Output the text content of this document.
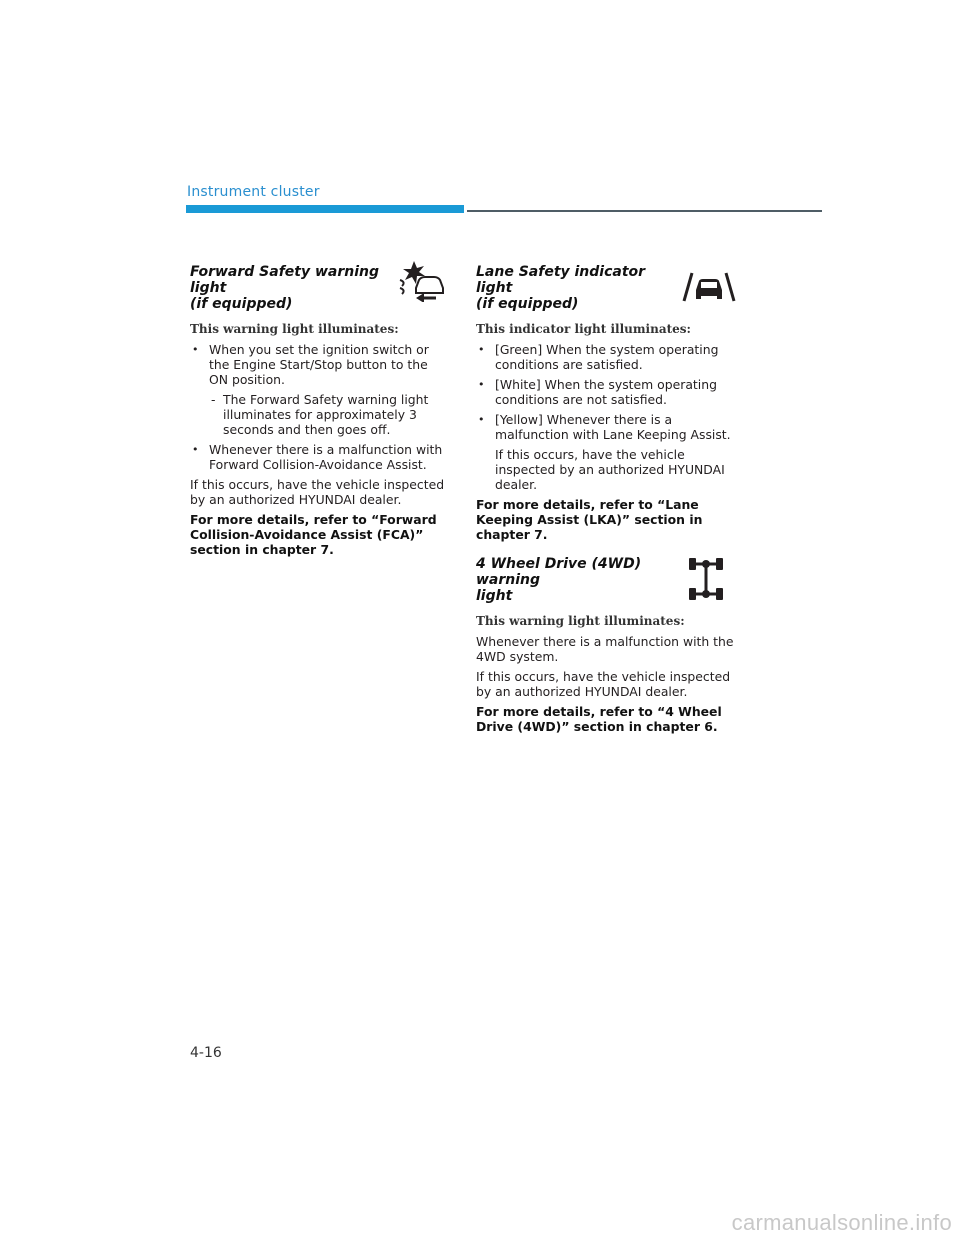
Instrument cluster
Forward Safety warning light
(if equipped)
This warning light illuminates:
• When you set the ignition switch or the Engine Start/Stop button to the ON position.
- The Forward Safety warning light illuminates for approximately 3 seconds and then goes off.
• Whenever there is a malfunction with Forward Collision-Avoidance Assist.
If this occurs, have the vehicle inspected by an authorized HYUNDAI dealer.
For more details, refer to “Forward Collision-Avoidance Assist (FCA)” section in chapter 7.
Lane Safety indicator light
(if equipped)
This indicator light illuminates:
• [Green] When the system operating conditions are satisfied.
• [White] When the system operating conditions are not satisfied.
• [Yellow] Whenever there is a malfunction with Lane Keeping Assist.
If this occurs, have the vehicle inspected by an authorized HYUNDAI dealer.
For more details, refer to “Lane Keeping Assist (LKA)” section in chapter 7.
4 Wheel Drive (4WD) warning
light
This warning light illuminates:
Whenever there is a malfunction with the 4WD system.
If this occurs, have the vehicle inspected by an authorized HYUNDAI dealer.
For more details, refer to “4 Wheel Drive (4WD)” section in chapter 6.
4-16
carmanualsonline.info
